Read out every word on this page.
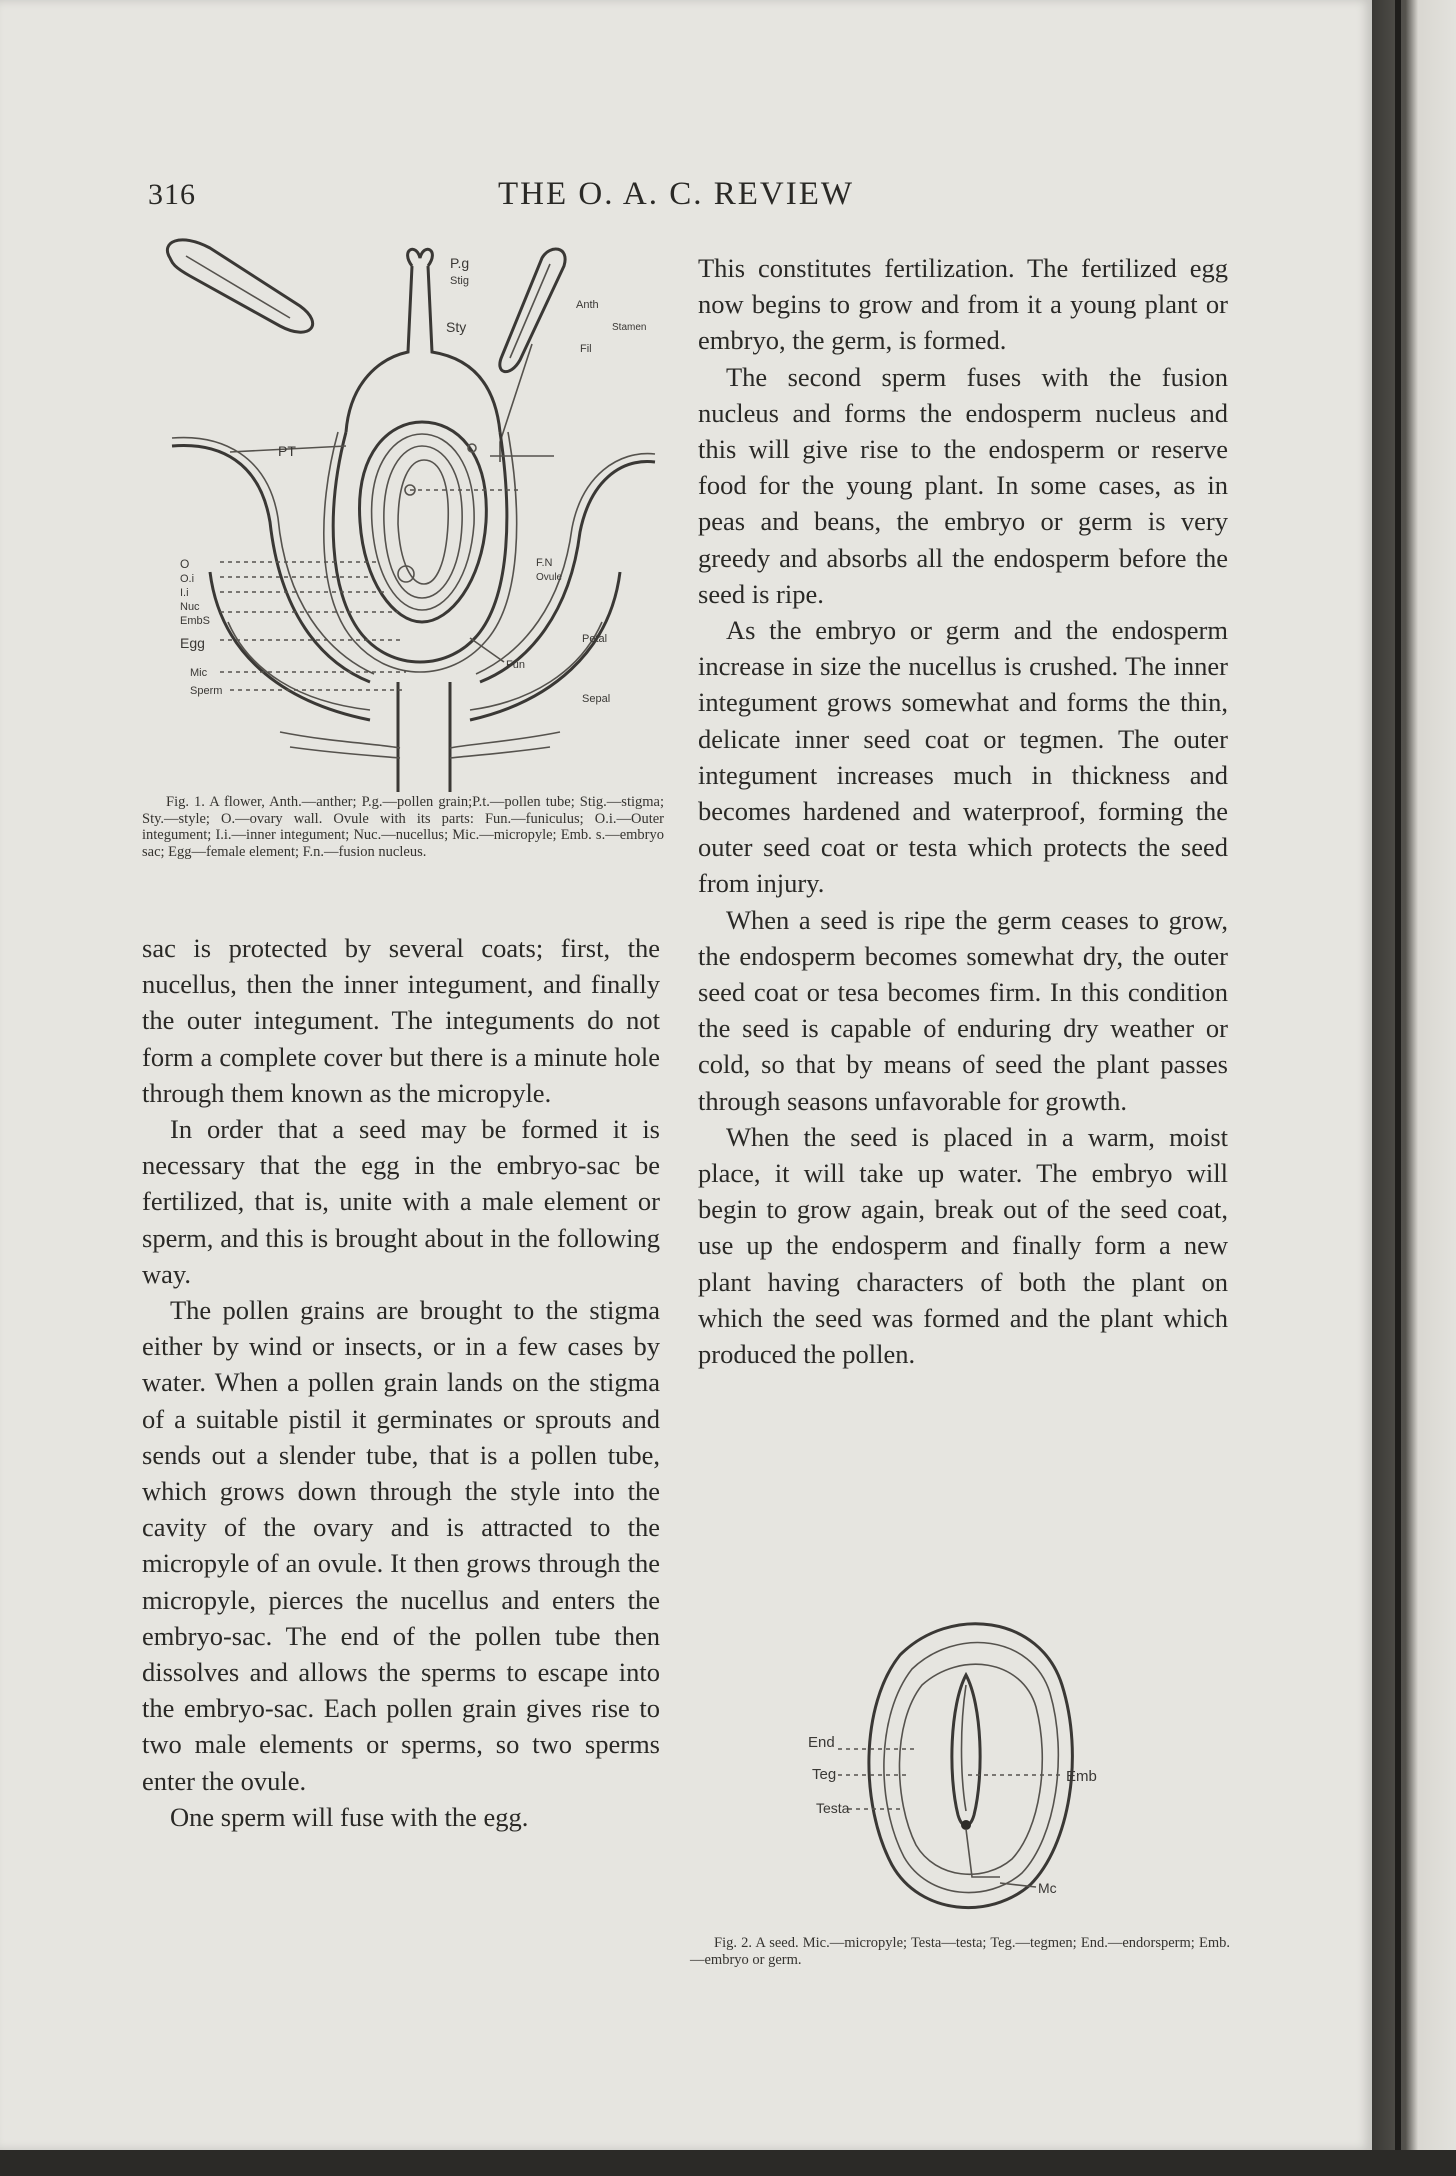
316	THE O. A. C. REVIEW
P.g
Stig
Sty
Anth
Stamen
Fil
PT
O
O.i
I.i
Nuc
EmbS
Egg
Mic
Sperm
F.N
Ovule
Petal
Fun
Sepal
Fig. 1. A flower, Anth.—anther; P.g.—pollen grain;P.t.—pollen tube; Stig.—stigma; Sty.—style; O.—ovary wall. Ovule with its parts: Fun.—funiculus; O.i.—Outer integument; I.i.—inner integument; Nuc.—nucellus; Mic.—micropyle; Emb. s.—embryo sac; Egg—female element; F.n.—fusion nucleus.

sac is protected by several coats; first, the nucellus, then the inner integument, and finally the outer integument. The integuments do not form a complete cover but there is a minute hole through them known as the micropyle.

In order that a seed may be formed it is necessary that the egg in the embryo-sac be fertilized, that is, unite with a male element or sperm, and this is brought about in the following way.

The pollen grains are brought to the stigma either by wind or insects, or in a few cases by water. When a pollen grain lands on the stigma of a suitable pistil it germinates or sprouts and sends out a slender tube, that is a pollen tube, which grows down through the style into the cavity of the ovary and is attracted to the micropyle of an ovule. It then grows through the micropyle, pierces the nucellus and enters the embryo-sac. The end of the pollen tube then dissolves and allows the sperms to escape into the embryo-sac. Each pollen grain gives rise to two male elements or sperms, so two sperms enter the ovule.

One sperm will fuse with the egg.

This constitutes fertilization. The fertilized egg now begins to grow and from it a young plant or embryo, the germ, is formed.

The second sperm fuses with the fusion nucleus and forms the endosperm nucleus and this will give rise to the endosperm or reserve food for the young plant. In some cases, as in peas and beans, the embryo or germ is very greedy and absorbs all the endosperm before the seed is ripe.

As the embryo or germ and the endosperm increase in size the nucellus is crushed. The inner integument grows somewhat and forms the thin, delicate inner seed coat or tegmen. The outer integument increases much in thickness and becomes hardened and waterproof, forming the outer seed coat or testa which protects the seed from injury.

When a seed is ripe the germ ceases to grow, the endosperm becomes somewhat dry, the outer seed coat or tesa becomes firm. In this condition the seed is capable of enduring dry weather or cold, so that by means of seed the plant passes through seasons unfavorable for growth.

When the seed is placed in a warm, moist place, it will take up water. The embryo will begin to grow again, break out of the seed coat, use up the endosperm and finally form a new plant having characters of both the plant on which the seed was formed and the plant which produced the pollen.

End
Teg
Testa
Emb
Mc
Fig. 2. A seed. Mic.—micropyle; Testa—testa; Teg.—tegmen; End.—endorsperm; Emb.—embryo or germ.
